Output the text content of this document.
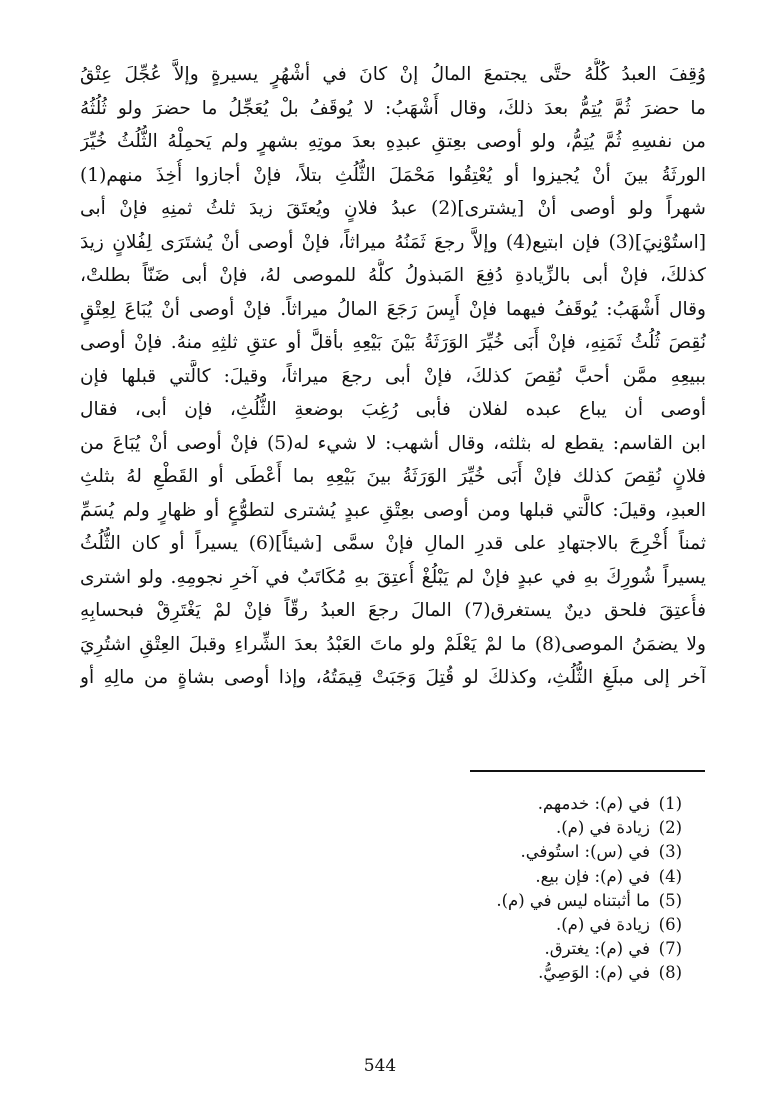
وُقِفَ العبدُ كُلُّهُ حتَّى يجتمعَ المالُ إنْ كانَ في أشْهُرٍ يسيرةٍ وإلاَّ عُجِّلَ عِتْقُ
ما حضرَ ثُمَّ يُتِمُّ بعدَ ذلكَ، وقال أَشْهَبُ: لا يُوقَفُ بلْ يُعَجِّلُ ما حضرَ ولو ثُلُثُهُ
من نفسِهِ ثُمَّ يُتِمُّ، ولو أوصى بعِتقِ عبدِهِ بعدَ موتِهِ بشهرٍ ولم يَحمِلْهُ الثُّلُثُ خُيِّرَ
الورثَةُ بينَ أنْ يُجيزوا أو يُعْتِقُوا مَحْمَلَ الثُّلُثِ بتلاً، فإنْ أجازوا أُخِذَ منهم(1)
شهراً ولو أوصى أنْ [يشترى](2) عبدُ فلانٍ ويُعتَقَ زيدَ ثلثُ ثمنِهِ فإنْ أبى
[استُوْنِيَ](3) فإن ابتيع(4) وإلاَّ رجعَ ثَمَنُهُ ميراثاً، فإنْ أوصى أنْ يُشتَرَى لِفُلانٍ زيدَ
كذلكَ، فإنْ أبى بالزِّيادةِ دُفِعَ المَبذولُ كلُّهُ للموصى لهُ، فإنْ أبى ضَنّاً بطلتْ،
وقال أَشْهَبُ: يُوقَفُ فيهما فإنْ أَيِسَ رَجَعَ المالُ ميراثاً. فإنْ أوصى أنْ يُبَاعَ لِعِتْقٍ
نُقِصَ ثُلُثُ ثَمَنِهِ، فإنْ أَبَى خُيِّرَ الوَرَثَةُ بَيْنَ بَيْعِهِ بأقلَّ أو عتقِ ثلثِهِ منهُ. فإنْ أوصى
ببيعِهِ ممَّن أحبَّ نُقِصَ كذلكَ، فإنْ أبى رجعَ ميراثاً، وقيلَ: كالَّتي قبلها فإن
أوصى أن يباع عبده لفلان فأبى رُغِبَ بوضعةِ الثُّلُثِ، فإن أبى، فقال
ابن القاسم: يقطع له بثلثه، وقال أشهب: لا شيء له(5) فإنْ أوصى أنْ يُبَاعَ من
فلانٍ نُقِصَ كذلك فإنْ أَبَى خُيِّرَ الوَرَثَةُ بينَ بَيْعِهِ بما أَعْطَى أو القَطْعِ لهُ بثلثِ
العبدِ، وقيلَ: كالَّتي قبلها ومن أوصى بعِتْقِ عبدٍ يُشترى لتطوُّعٍ أو ظهارٍ ولم يُسَمِّ
ثمناً أُخْرِجَ بالاجتهادِ على قدرِ المالِ فإنْ سمَّى [شيئاً](6) يسيراً أو كان الثُّلُثُ
يسيراً شُورِكَ بهِ في عبدٍ فإنْ لم يَبْلُغْ أُعتِقَ بهِ مُكَاتَبٌ في آخرِ نجومِهِ. ولو اشترى
فأُعتِقَ فلحق دينٌ يستغرق(7) المالَ رجعَ العبدُ رقّاً فإنْ لمْ يَغْتَرِقْ فبحسابِهِ
ولا يضمَنُ الموصى(8) ما لمْ يَعْلَمْ ولو ماتَ العَبْدُ بعدَ الشِّراءِ وقبلَ العِتْقِ اشتُرِيَ
آخر إلى مبلَغِ الثُّلُثِ، وكذلكَ لو قُتِلَ وَجَبَتْ قِيمَتُهُ، وإذا أوصى بشاةٍ من مالِهِ أو
(1)في (م): خدمهم.
(2)زيادة في (م).
(3)في (س): استُوفي.
(4)في (م): فإن بيع.
(5)ما أثبتناه ليس في (م).
(6)زيادة في (م).
(7)في (م): يغترق.
(8)في (م): الوَصِيُّ.
544
